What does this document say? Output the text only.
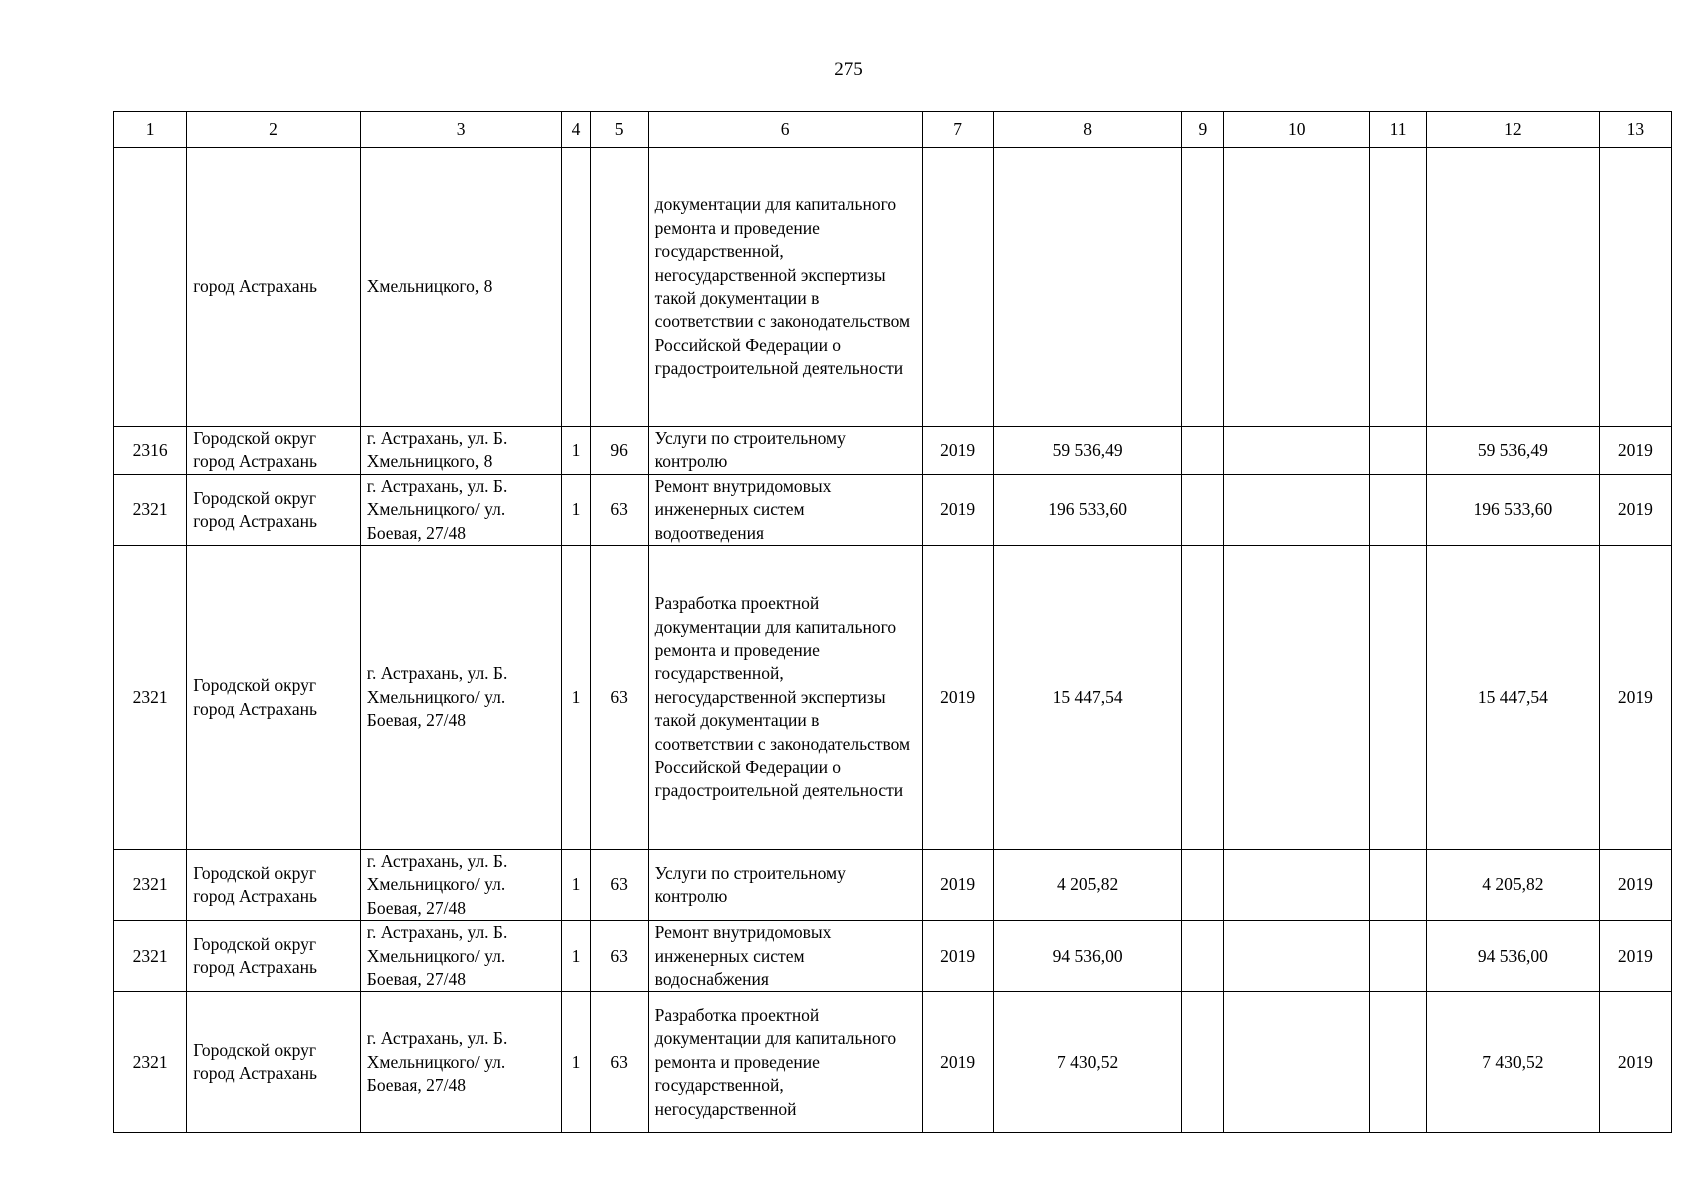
275
1	2	3	4	5	6	7	8	9	10	11	12	13
	город Астрахань	Хмельницкого, 8			документации для капитального ремонта и проведение государственной, негосударственной экспертизы такой документации в соответствии с законодательством Российской Федерации о градостроительной деятельности							
2316	Городской округ город Астрахань	г. Астрахань, ул. Б. Хмельницкого, 8	1	96	Услуги по строительному контролю	2019	59 536,49				59 536,49	2019
2321	Городской округ город Астрахань	г. Астрахань, ул. Б. Хмельницкого/ ул. Боевая, 27/48	1	63	Ремонт внутридомовых инженерных систем водоотведения	2019	196 533,60				196 533,60	2019
2321	Городской округ город Астрахань	г. Астрахань, ул. Б. Хмельницкого/ ул. Боевая, 27/48	1	63	Разработка проектной документации для капитального ремонта и проведение государственной, негосударственной экспертизы такой документации в соответствии с законодательством Российской Федерации о градостроительной деятельности	2019	15 447,54				15 447,54	2019
2321	Городской округ город Астрахань	г. Астрахань, ул. Б. Хмельницкого/ ул. Боевая, 27/48	1	63	Услуги по строительному контролю	2019	4 205,82				4 205,82	2019
2321	Городской округ город Астрахань	г. Астрахань, ул. Б. Хмельницкого/ ул. Боевая, 27/48	1	63	Ремонт внутридомовых инженерных систем водоснабжения	2019	94 536,00				94 536,00	2019
2321	Городской округ город Астрахань	г. Астрахань, ул. Б. Хмельницкого/ ул. Боевая, 27/48	1	63	Разработка проектной документации для капитального ремонта и проведение государственной, негосударственной	2019	7 430,52				7 430,52	2019
